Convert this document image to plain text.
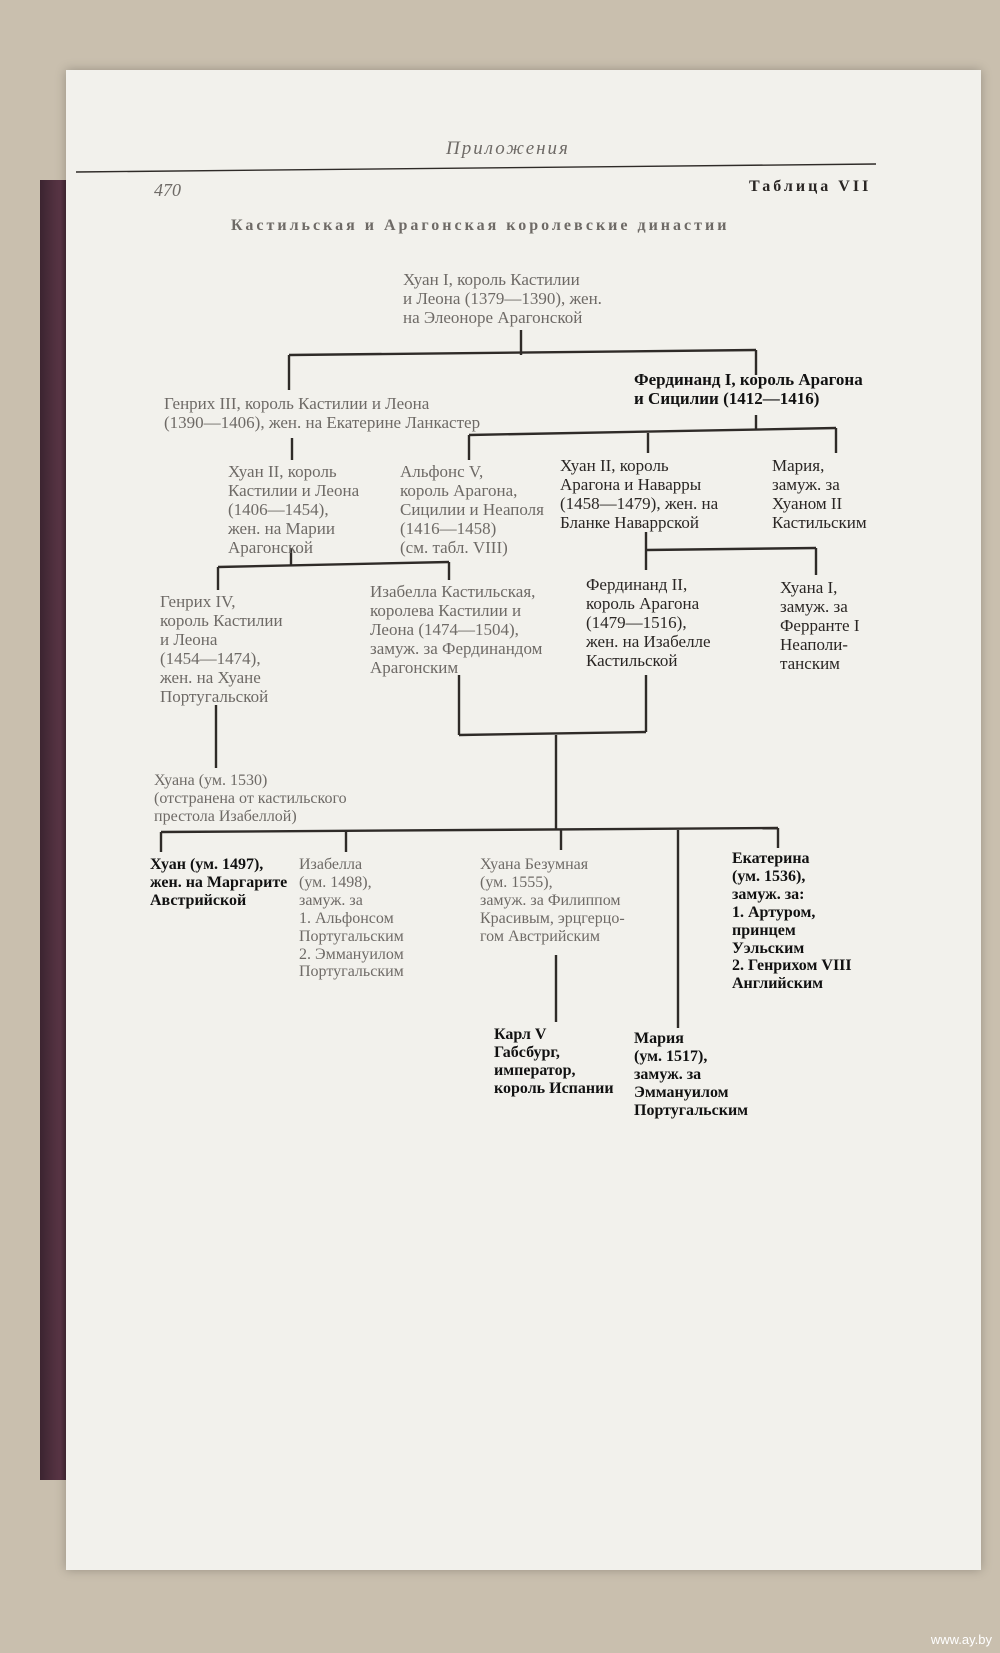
Приложения
470	Таблица VII
Кастильская и Арагонская королевские династии
Хуан I, король Кастилии
и Леона (1379—1390), жен.
на Элеоноре Арагонской
Генрих III, король Кастилии и Леона
(1390—1406), жен. на Екатерине Ланкастер
Фердинанд I, король Арагона
и Сицилии (1412—1416)
Хуан II, король
Кастилии и Леона
(1406—1454),
жен. на Марии
Арагонской
Альфонс V,
король Арагона,
Сицилии и Неаполя
(1416—1458)
(см. табл. VIII)
Хуан II, король
Арагона и Наварры
(1458—1479), жен. на
Бланке Наваррской
Мария,
замуж. за
Хуаном II
Кастильским
Генрих IV,
король Кастилии
и Леона
(1454—1474),
жен. на Хуане
Португальской
Изабелла Кастильская,
королева Кастилии и
Леона (1474—1504),
замуж. за Фердинандом
Арагонским
Фердинанд II,
король Арагона
(1479—1516),
жен. на Изабелле
Кастильской
Хуана I,
замуж. за
Ферранте I
Неаполи-
танским
Хуана (ум. 1530)
(отстранена от кастильского
престола Изабеллой)
Хуан (ум. 1497),
жен. на Маргарите
Австрийской
Изабелла
(ум. 1498),
замуж. за
1. Альфонсом
Португальским
2. Эммануилом
Португальским
Хуана Безумная
(ум. 1555),
замуж. за Филиппом
Красивым, эрцгерцо-
гом Австрийским
Екатерина
(ум. 1536),
замуж. за:
1. Артуром,
принцем
Уэльским
2. Генрихом VIII
Английским
Карл V
Габсбург,
император,
король Испании
Мария
(ум. 1517),
замуж. за
Эммануилом
Португальским
www.ay.by
